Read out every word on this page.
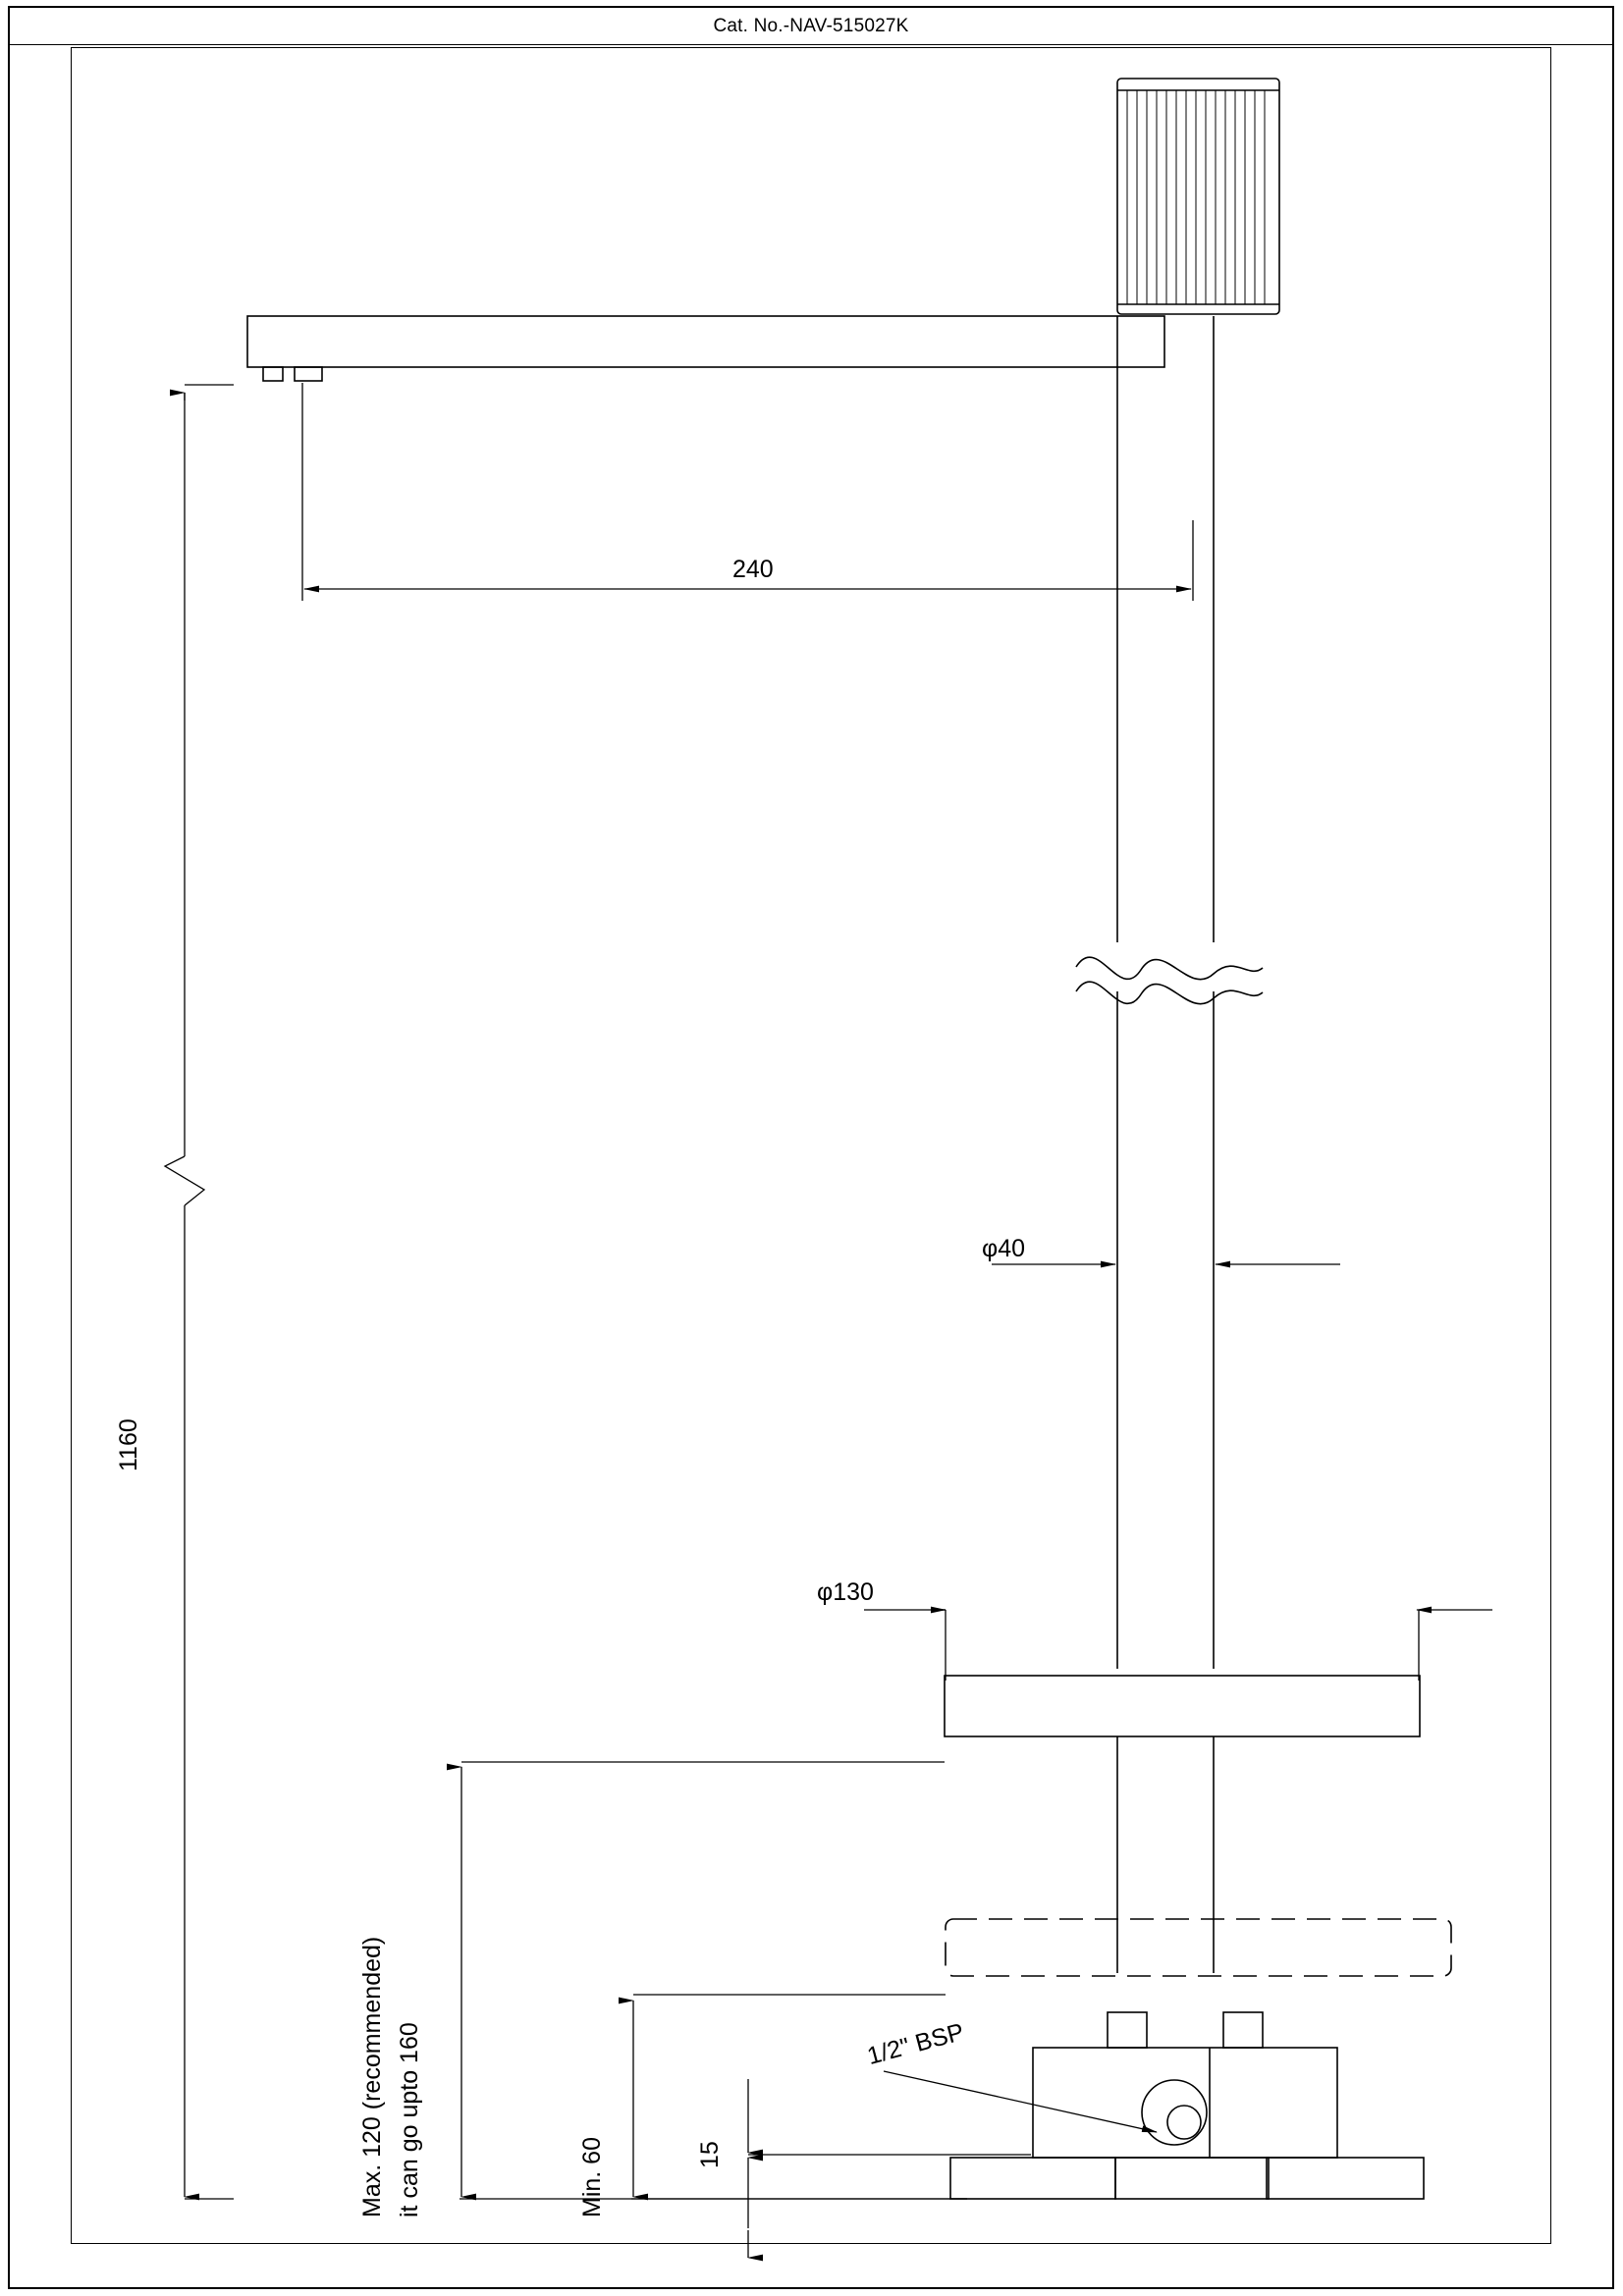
Cat. No.-NAV-515027K
240
1160
φ40
φ130
Max. 120 (recommended) it can go upto 160	Min. 60	15
1/2" BSP
